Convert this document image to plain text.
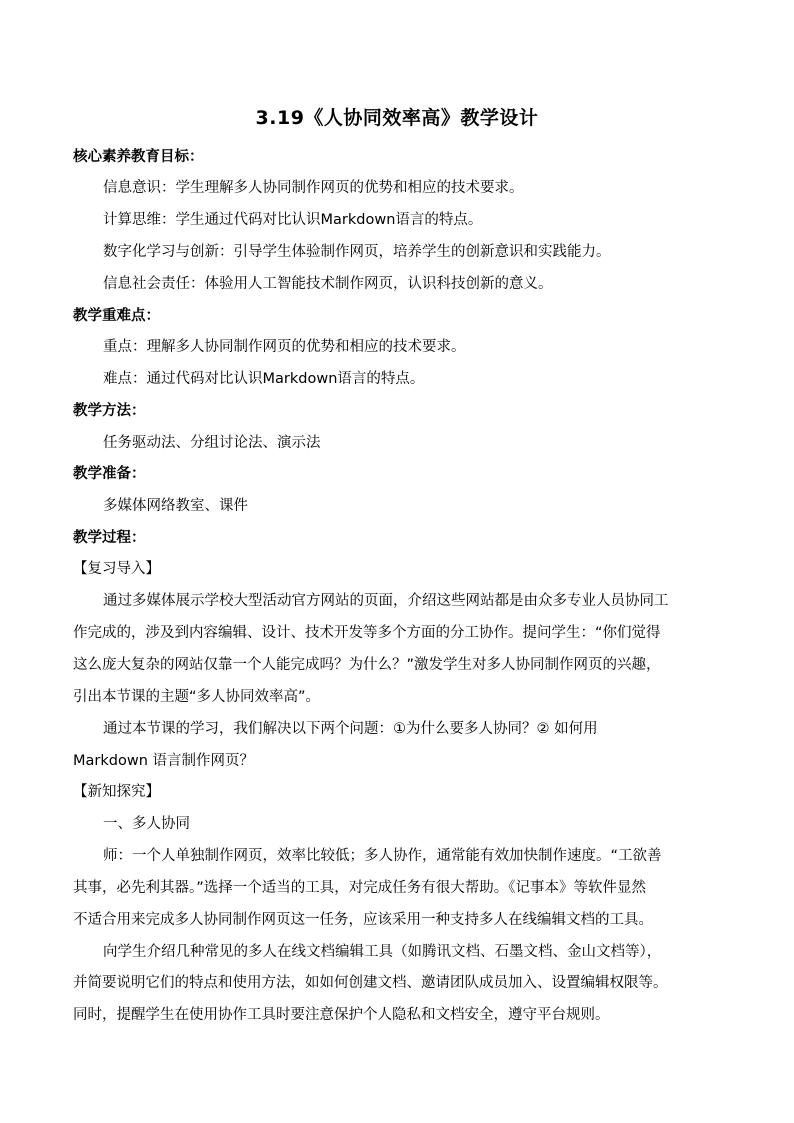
3.19《人协同效率高》教学设计
核心素养教育目标：
信息意识：学生理解多人协同制作网页的优势和相应的技术要求。
计算思维：学生通过代码对比认识Markdown语言的特点。
数字化学习与创新：引导学生体验制作网页，培养学生的创新意识和实践能力。
信息社会责任：体验用人工智能技术制作网页，认识科技创新的意义。
教学重难点：
重点：理解多人协同制作网页的优势和相应的技术要求。
难点：通过代码对比认识Markdown语言的特点。
教学方法：
任务驱动法、分组讨论法、演示法
教学准备：
多媒体网络教室、课件
教学过程：
【复习导入】
通过多媒体展示学校大型活动官方网站的页面，介绍这些网站都是由众多专业人员协同工
作完成的，涉及到内容编辑、设计、技术开发等多个方面的分工协作。提问学生：“你们觉得
这么庞大复杂的网站仅靠一个人能完成吗？为什么？”激发学生对多人协同制作网页的兴趣，
引出本节课的主题“多人协同效率高”。
通过本节课的学习，我们解决以下两个问题：①为什么要多人协同？② 如何用
Markdown 语言制作网页？
【新知探究】
一、多人协同
师：一个人单独制作网页，效率比较低；多人协作，通常能有效加快制作速度。“工欲善
其事，必先利其器。”选择一个适当的工具，对完成任务有很大帮助。《记事本》等软件显然
不适合用来完成多人协同制作网页这一任务，应该采用一种支持多人在线编辑文档的工具。
向学生介绍几种常见的多人在线文档编辑工具（如腾讯文档、石墨文档、金山文档等），
并简要说明它们的特点和使用方法，如如何创建文档、邀请团队成员加入、设置编辑权限等。
同时，提醒学生在使用协作工具时要注意保护个人隐私和文档安全，遵守平台规则。
